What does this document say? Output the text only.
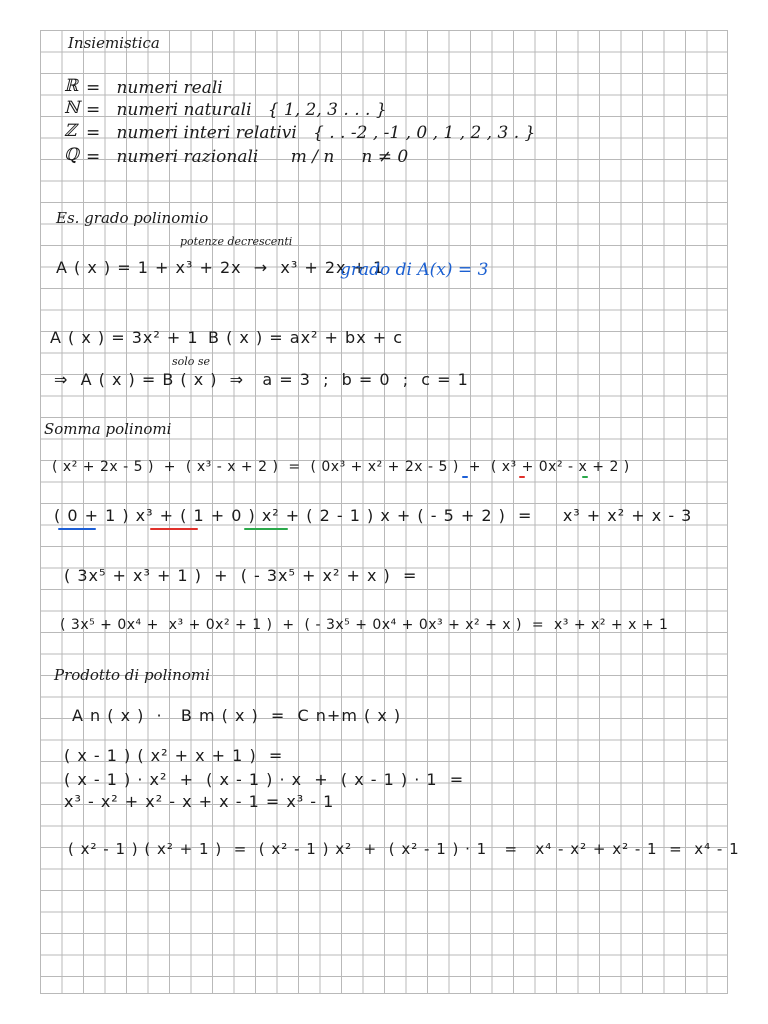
Insiemistica
ℝ =   numeri reali
ℕ =   numeri naturali   { 1, 2, 3 . . . }
ℤ =   numeri interi relativi   { . . -2 , -1 , 0 , 1 , 2 , 3 . }
ℚ =   numeri razionali      m / n     n ≠ 0
Es. grado polinomio
potenze decrescenti
A ( x ) = 1 + x³ + 2x  →  x³ + 2x + 1
grado di A(x) = 3
A ( x ) = 3x² + 1 B ( x ) = ax² + bx + c
solo se
⇒  A ( x ) = B ( x )  ⇒   a = 3  ;  b = 0  ;  c = 1
Somma polinomi
( x² + 2x - 5 )  +  ( x³ - x + 2 )  =  ( 0x³ + x² + 2x - 5 )  +  ( x³ + 0x² - x + 2 )
( 0 + 1 ) x³ + ( 1 + 0 ) x² + ( 2 - 1 ) x + ( - 5 + 2 )  =     x³ + x² + x - 3
( 3x⁵ + x³ + 1 )  +  ( - 3x⁵ + x² + x )  =
( 3x⁵ + 0x⁴ +  x³ + 0x² + 1 )  +  ( - 3x⁵ + 0x⁴ + 0x³ + x² + x )  =  x³ + x² + x + 1
Prodotto di polinomi
A n ( x )  ·   B m ( x )  =  C n+m ( x )
( x - 1 ) ( x² + x + 1 )  =
( x - 1 ) · x²  +  ( x - 1 ) · x  +  ( x - 1 ) · 1  =
x³ - x² + x² - x + x - 1 = x³ - 1
( x² - 1 ) ( x² + 1 )  =  ( x² - 1 ) x²  +  ( x² - 1 ) · 1   =   x⁴ - x² + x² - 1  =  x⁴ - 1
